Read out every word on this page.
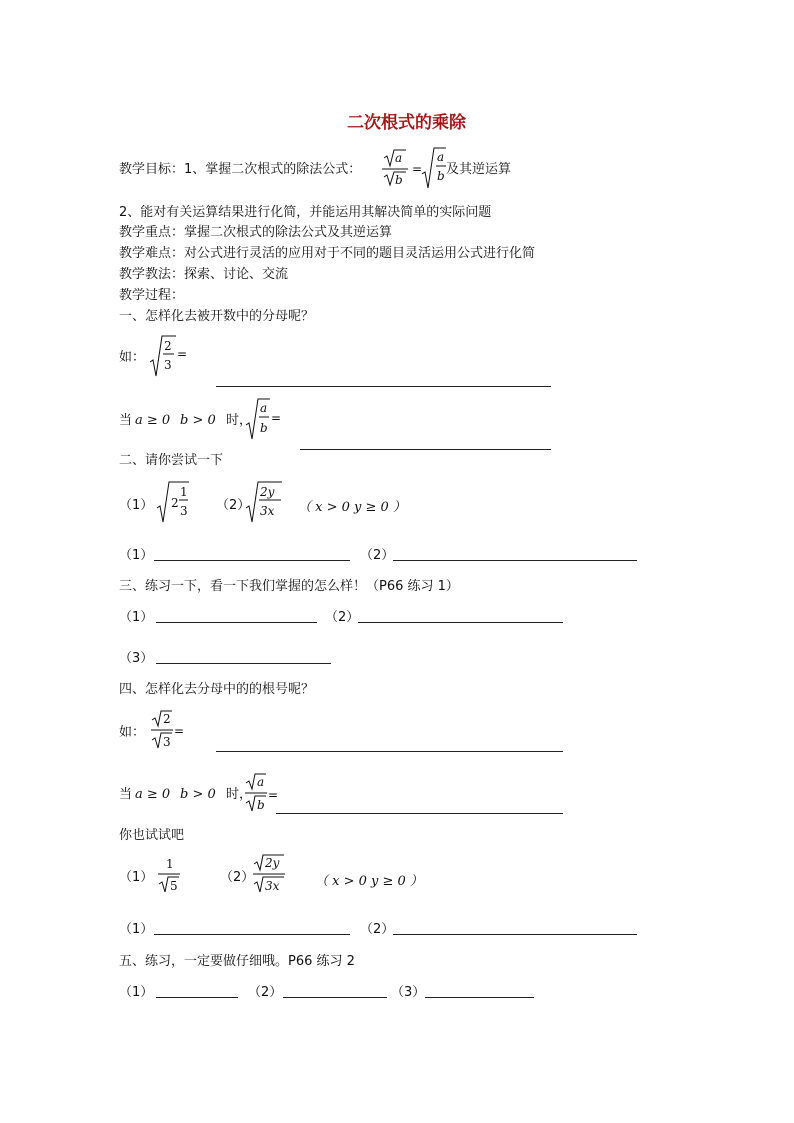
二次根式的乘除
教学目标：1、掌握二次根式的除法公式：
a
b
=
a
b 及其逆运算
2、能对有关运算结果进行化简，并能运用其解决简单的实际问题
教学重点：掌握二次根式的除法公式及其逆运算
教学难点：对公式进行灵活的应用对于不同的题目灵活运用公式进行化简
教学教法：探索、讨论、交流
教学过程：
一、怎样化去被开数中的分母呢？
如：
2
3
=
当 a ≥ 0 b > 0 时，
a
b
=
二、请你尝试一下
（1） 2
1
3 （2）
2y
3x （ x > 0 y ≥ 0 ）
（1）	（2）
三、练习一下，看一下我们掌握的怎么样！（P66 练习 1）
（1）	（2）
（3）
四、怎样化去分母中的的根号呢？
如：
2
3
=
当 a ≥ 0 b > 0 时，
a
b
=
你也试试吧
（1）
1
5
（2）
2y
3x	（ x > 0 y ≥ 0 ）
（1）	（2）
五、练习，一定要做仔细哦。P66 练习 2
（1）	（2）	（3）
